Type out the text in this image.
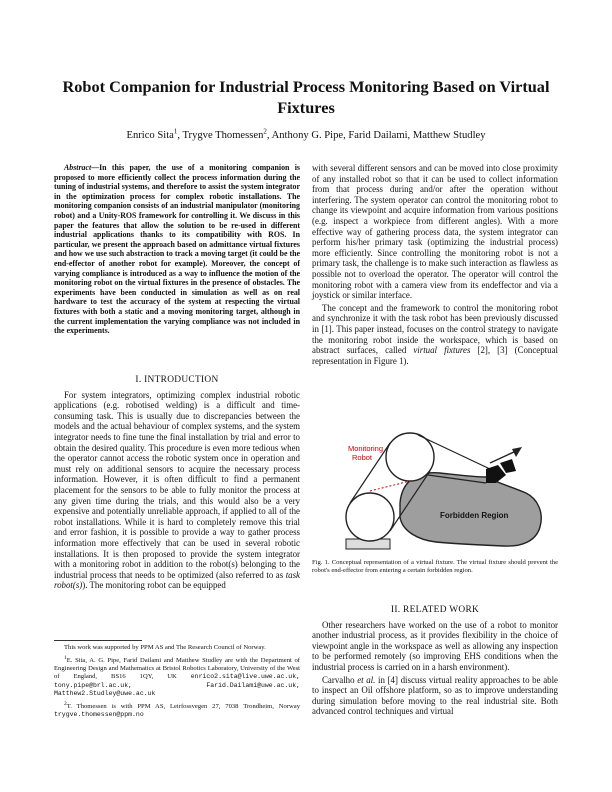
Robot Companion for Industrial Process Monitoring Based on Virtual Fixtures
Enrico Sita$^1$, Trygve Thomessen$^2$, Anthony G. Pipe, Farid Dailami, Matthew Studley
Abstract—In this paper, the use of a monitoring companion is proposed to more efficiently collect the process information during the tuning of industrial systems, and therefore to assist the system integrator in the optimization process for complex robotic installations. The monitoring companion consists of an industrial manipulator (monitoring robot) and a Unity-ROS framework for controlling it. We discuss in this paper the features that allow the solution to be re-used in different industrial applications thanks to its compatibility with ROS. In particular, we present the approach based on admittance virtual fixtures and how we use such abstraction to track a moving target (it could be the end-effector of another robot for example). Moreover, the concept of varying compliance is introduced as a way to influence the motion of the monitoring robot on the virtual fixtures in the presence of obstacles. The experiments have been conducted in simulation as well as on real hardware to test the accuracy of the system at respecting the virtual fixtures with both a static and a moving monitoring target, although in the current implementation the varying compliance was not included in the experiments.
I. INTRODUCTION

For system integrators, optimizing complex industrial robotic applications (e.g. robotised welding) is a difficult and time-consuming task. This is usually due to discrepancies between the models and the actual behaviour of complex systems, and the system integrator needs to fine tune the final installation by trial and error to obtain the desired quality. This procedure is even more tedious when the operator cannot access the robotic system once in operation and must rely on additional sensors to acquire the necessary process information. However, it is often difficult to find a permanent placement for the sensors to be able to fully monitor the process at any given time during the trials, and this would also be a very expensive and potentially unreliable approach, if applied to all of the robot installations. While it is hard to completely remove this trial and error fashion, it is possible to provide a way to gather process information more effectively that can be used in several robotic installations. It is then proposed to provide the system integrator with a monitoring robot in addition to the robot(s) belonging to the industrial process that needs to be optimized (also referred to as task robot(s)). The monitoring robot can be equipped

This work was supported by PPM AS and The Research Council of Norway.

$^1$E. Sita, A. G. Pipe, Farid Dailami and Matthew Studley are with the Department of Engineering Design and Mathematics at Bristol Robotics Laboratory, University of the West of England, BS16 1QY, UK enrico2.sita@live.uwe.ac.uk, tony.pipe@brl.ac.uk, Farid.Dailami@uwe.ac.uk, Matthew2.Studley@uwe.ac.uk

$^2$T. Thomessen is with PPM AS, Leirfossvegen 27, 7038 Trondheim, Norway trygve.thomessen@ppm.no

with several different sensors and can be moved into close proximity of any installed robot so that it can be used to collect information from that process during and/or after the operation without interfering. The system operator can control the monitoring robot to change its viewpoint and acquire information from various positions (e.g. inspect a workpiece from different angles). With a more effective way of gathering process data, the system integrator can perform his/her primary task (optimizing the industrial process) more efficiently. Since controlling the monitoring robot is not a primary task, the challenge is to make such interaction as flawless as possible not to overload the operator. The operator will control the monitoring robot with a camera view from its endeffector and via a joystick or similar interface.

The concept and the framework to control the monitoring robot and synchronize it with the task robot has been previously discussed in [1]. This paper instead, focuses on the control strategy to navigate the monitoring robot inside the workspace, which is based on abstract surfaces, called virtual fixtures [2], [3] (Conceptual representation in Figure 1).

Monitoring
Robot
Forbidden Region
Fig. 1. Conceptual representation of a virtual fixture. The virtual fixture should prevent the robot's end-effector from entering a certain forbidden region.
II. RELATED WORK

Other researchers have worked on the use of a robot to monitor another industrial process, as it provides flexibility in the choice of viewpoint angle in the workspace as well as allowing any inspection to be performed remotely (so improving EHS conditions when the industrial process is carried on in a harsh environment).

Carvalho et al. in [4] discuss virtual reality approaches to be able to inspect an Oil offshore platform, so as to improve understanding during simulation before moving to the real industrial site. Both advanced control techniques and virtual
